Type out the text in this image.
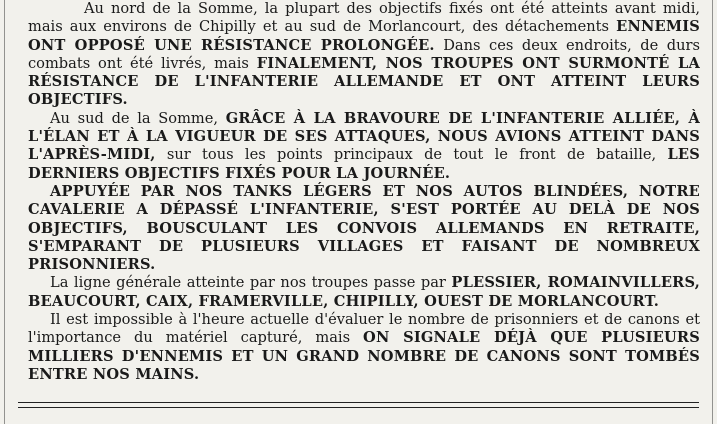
Au nord de la Somme, la plupart des objectifs fixés ont été atteints avant midi, mais aux environs de Chipilly et au sud de Morlancourt, des détachements ENNEMIS ONT OPPOSÉ UNE RÉSISTANCE PROLONGÉE. Dans ces deux endroits, de durs combats ont été livrés, mais FINALEMENT, NOS TROUPES ONT SURMONTÉ LA RÉSISTANCE DE L'INFANTERIE ALLEMANDE ET ONT ATTEINT LEURS OBJECTIFS.

Au sud de la Somme, GRÂCE À LA BRAVOURE DE L'INFANTERIE ALLIÉE, À L'ÉLAN ET À LA VIGUEUR DE SES ATTAQUES, NOUS AVIONS ATTEINT DANS L'APRÈS-MIDI, sur tous les points principaux de tout le front de bataille, LES DERNIERS OBJECTIFS FIXÉS POUR LA JOURNÉE.

APPUYÉE PAR NOS TANKS LÉGERS ET NOS AUTOS BLINDÉES, NOTRE CAVALERIE A DÉPASSÉ L'INFANTERIE, S'EST PORTÉE AU DELÀ DE NOS OBJECTIFS, BOUSCULANT LES CONVOIS ALLEMANDS EN RETRAITE, S'EMPARANT DE PLUSIEURS VILLAGES ET FAISANT DE NOMBREUX PRISONNIERS.

La ligne générale atteinte par nos troupes passe par PLESSIER, ROMAINVILLERS, BEAUCOURT, CAIX, FRAMERVILLE, CHIPILLY, OUEST DE MORLANCOURT.

Il est impossible à l'heure actuelle d'évaluer le nombre de prisonniers et de canons et l'importance du matériel capturé, mais ON SIGNALE DÉJÀ QUE PLUSIEURS MILLIERS D'ENNEMIS ET UN GRAND NOMBRE DE CANONS SONT TOMBÉS ENTRE NOS MAINS.
